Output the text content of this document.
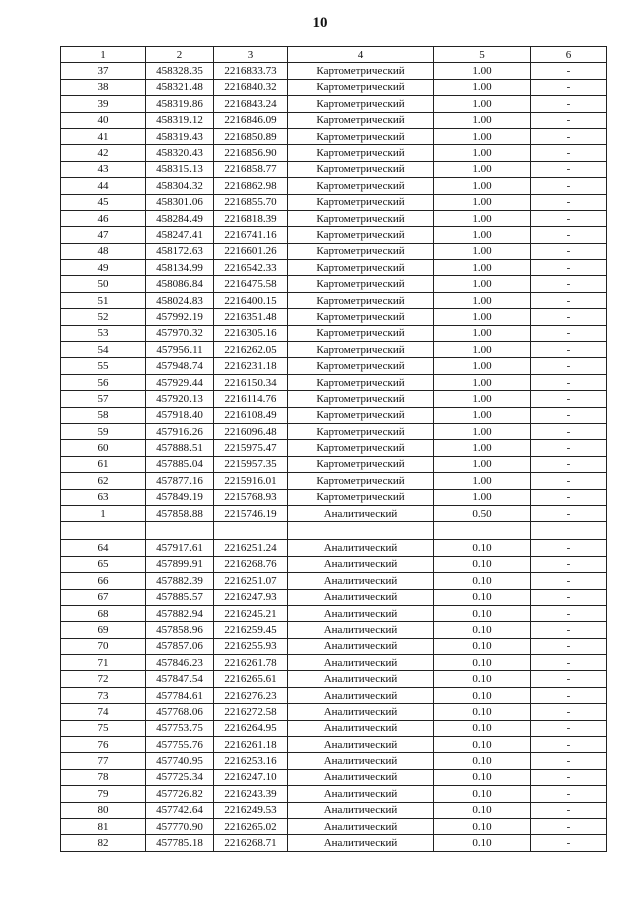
10
1	2	3	4	5	6
37	458328.35	2216833.73	Картометрический	1.00	-
38	458321.48	2216840.32	Картометрический	1.00	-
39	458319.86	2216843.24	Картометрический	1.00	-
40	458319.12	2216846.09	Картометрический	1.00	-
41	458319.43	2216850.89	Картометрический	1.00	-
42	458320.43	2216856.90	Картометрический	1.00	-
43	458315.13	2216858.77	Картометрический	1.00	-
44	458304.32	2216862.98	Картометрический	1.00	-
45	458301.06	2216855.70	Картометрический	1.00	-
46	458284.49	2216818.39	Картометрический	1.00	-
47	458247.41	2216741.16	Картометрический	1.00	-
48	458172.63	2216601.26	Картометрический	1.00	-
49	458134.99	2216542.33	Картометрический	1.00	-
50	458086.84	2216475.58	Картометрический	1.00	-
51	458024.83	2216400.15	Картометрический	1.00	-
52	457992.19	2216351.48	Картометрический	1.00	-
53	457970.32	2216305.16	Картометрический	1.00	-
54	457956.11	2216262.05	Картометрический	1.00	-
55	457948.74	2216231.18	Картометрический	1.00	-
56	457929.44	2216150.34	Картометрический	1.00	-
57	457920.13	2216114.76	Картометрический	1.00	-
58	457918.40	2216108.49	Картометрический	1.00	-
59	457916.26	2216096.48	Картометрический	1.00	-
60	457888.51	2215975.47	Картометрический	1.00	-
61	457885.04	2215957.35	Картометрический	1.00	-
62	457877.16	2215916.01	Картометрический	1.00	-
63	457849.19	2215768.93	Картометрический	1.00	-
1	457858.88	2215746.19	Аналитический	0.50	-

64	457917.61	2216251.24	Аналитический	0.10	-
65	457899.91	2216268.76	Аналитический	0.10	-
66	457882.39	2216251.07	Аналитический	0.10	-
67	457885.57	2216247.93	Аналитический	0.10	-
68	457882.94	2216245.21	Аналитический	0.10	-
69	457858.96	2216259.45	Аналитический	0.10	-
70	457857.06	2216255.93	Аналитический	0.10	-
71	457846.23	2216261.78	Аналитический	0.10	-
72	457847.54	2216265.61	Аналитический	0.10	-
73	457784.61	2216276.23	Аналитический	0.10	-
74	457768.06	2216272.58	Аналитический	0.10	-
75	457753.75	2216264.95	Аналитический	0.10	-
76	457755.76	2216261.18	Аналитический	0.10	-
77	457740.95	2216253.16	Аналитический	0.10	-
78	457725.34	2216247.10	Аналитический	0.10	-
79	457726.82	2216243.39	Аналитический	0.10	-
80	457742.64	2216249.53	Аналитический	0.10	-
81	457770.90	2216265.02	Аналитический	0.10	-
82	457785.18	2216268.71	Аналитический	0.10	-
